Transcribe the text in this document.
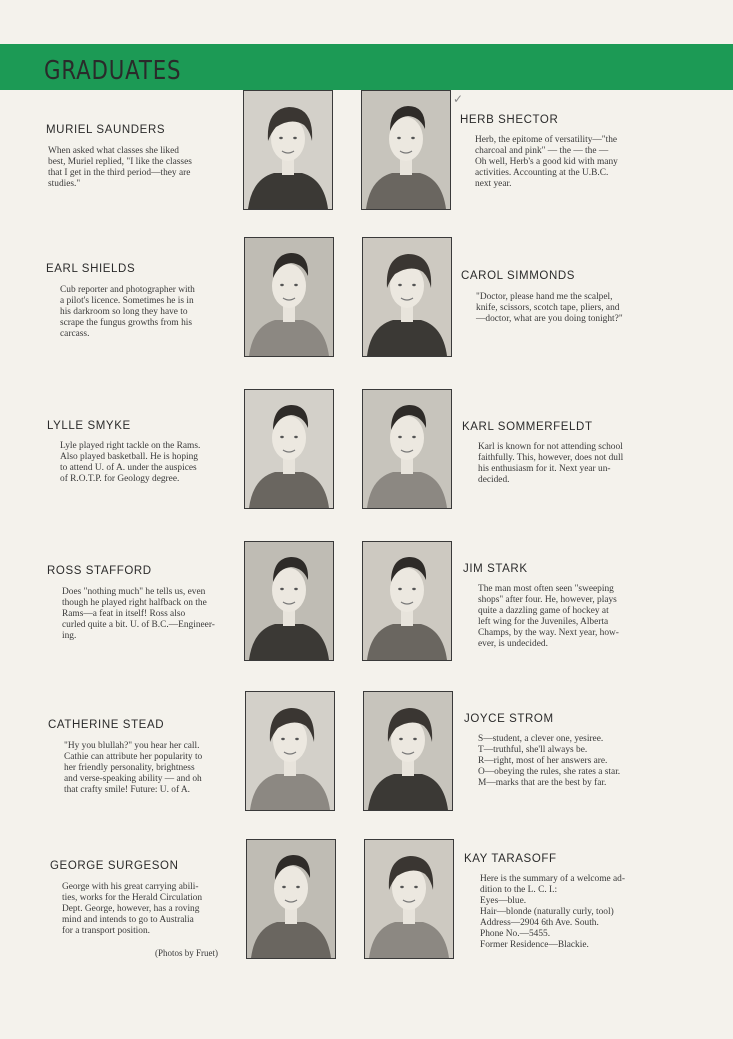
GRADUATES
✓
MURIEL SAUNDERS
When asked what classes she liked
best, Muriel replied, "I like the classes
that I get in the third period—they are
studies."
HERB SHECTOR
Herb, the epitome of versatility—"the
charcoal and pink" — the — the —
Oh well, Herb's a good kid with many
activities. Accounting at the U.B.C.
next year.
EARL SHIELDS
Cub reporter and photographer with
a pilot's licence. Sometimes he is in
his darkroom so long they have to
scrape the fungus growths from his
carcass.
CAROL SIMMONDS
"Doctor, please hand me the scalpel,
knife, scissors, scotch tape, pliers, and
—doctor, what are you doing tonight?"
LYLLE SMYKE
Lyle played right tackle on the Rams.
Also played basketball. He is hoping
to attend U. of A. under the auspices
of R.O.T.P. for Geology degree.
KARL SOMMERFELDT
Karl is known for not attending school
faithfully. This, however, does not dull
his enthusiasm for it. Next year un-
decided.
ROSS STAFFORD
Does "nothing much" he tells us, even
though he played right halfback on the
Rams—a feat in itself! Ross also
curled quite a bit. U. of B.C.—Engineer-
ing.
JIM STARK
The man most often seen "sweeping
shops" after four. He, however, plays
quite a dazzling game of hockey at
left wing for the Juveniles, Alberta
Champs, by the way. Next year, how-
ever, is undecided.
CATHERINE STEAD
"Hy you blullah?" you hear her call.
Cathie can attribute her popularity to
her friendly personality, brightness
and verse-speaking ability — and oh
that crafty smile! Future: U. of A.
JOYCE STROM
S—student, a clever one, yesiree.
T—truthful, she'll always be.
R—right, most of her answers are.
O—obeying the rules, she rates a star.
M—marks that are the best by far.
GEORGE SURGESON
George with his great carrying abili-
ties, works for the Herald Circulation
Dept. George, however, has a roving
mind and intends to go to Australia
for a transport position.
KAY TARASOFF
Here is the summary of a welcome ad-
dition to the L. C. I.:
Eyes—blue.
Hair—blonde (naturally curly, tool)
Address—2904 6th Ave. South.
Phone No.—5455.
Former Residence—Blackie.
(Photos by Fruet)
